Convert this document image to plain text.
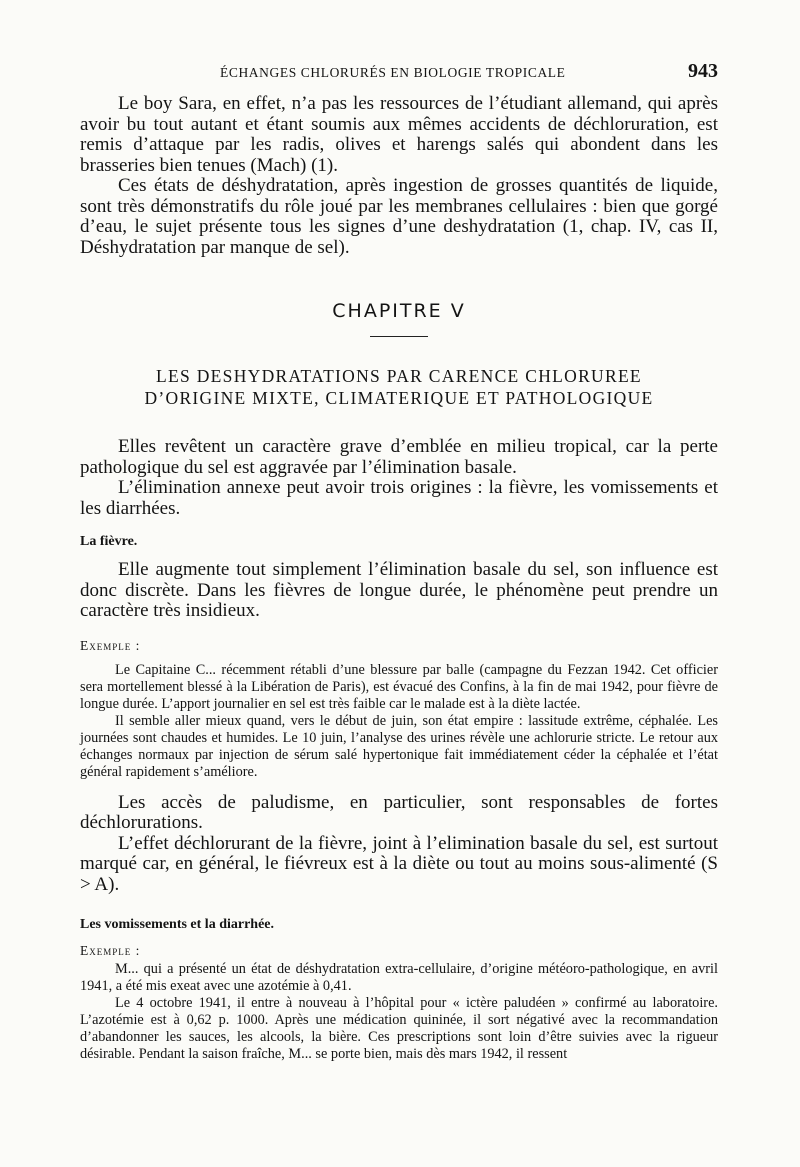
ÉCHANGES CHLORURÉS EN BIOLOGIE TROPICALE	943

Le boy Sara, en effet, n’a pas les ressources de l’étudiant allemand, qui après avoir bu tout autant et étant soumis aux mêmes accidents de déchloruration, est remis d’attaque par les radis, olives et harengs salés qui abondent dans les brasseries bien tenues (Mach) (1).

Ces états de déshydratation, après ingestion de grosses quantités de liquide, sont très démonstratifs du rôle joué par les membranes cellulaires : bien que gorgé d’eau, le sujet présente tous les signes d’une deshydratation (1, chap. IV, cas II, Déshydratation par manque de sel).

CHAPITRE V
LES DESHYDRATATIONS PAR CARENCE CHLORUREE
D’ORIGINE MIXTE, CLIMATERIQUE ET PATHOLOGIQUE

Elles revêtent un caractère grave d’emblée en milieu tropical, car la perte pathologique du sel est aggravée par l’élimination basale.

L’élimination annexe peut avoir trois origines : la fièvre, les vomissements et les diarrhées.

La fièvre.

Elle augmente tout simplement l’élimination basale du sel, son influence est donc discrète. Dans les fièvres de longue durée, le phénomène peut prendre un caractère très insidieux.

Exemple :

Le Capitaine C... récemment rétabli d’une blessure par balle (campagne du Fezzan 1942. Cet officier sera mortellement blessé à la Libération de Paris), est évacué des Confins, à la fin de mai 1942, pour fièvre de longue durée. L’apport journalier en sel est très faible car le malade est à la diète lactée.

Il semble aller mieux quand, vers le début de juin, son état empire : lassitude extrême, céphalée. Les journées sont chaudes et humides. Le 10 juin, l’analyse des urines révèle une achlorurie stricte. Le retour aux échanges normaux par injection de sérum salé hypertonique fait immédiatement céder la céphalée et l’état général rapidement s’améliore.

Les accès de paludisme, en particulier, sont responsables de fortes déchlorurations.

L’effet déchlorurant de la fièvre, joint à l’elimination basale du sel, est surtout marqué car, en général, le fiévreux est à la diète ou tout au moins sous-alimenté (S > A).

Les vomissements et la diarrhée.
Exemple :

M... qui a présenté un état de déshydratation extra-cellulaire, d’origine météoro-pathologique, en avril 1941, a été mis exeat avec une azotémie à 0,41.

Le 4 octobre 1941, il entre à nouveau à l’hôpital pour « ictère paludéen » confirmé au laboratoire. L’azotémie est à 0,62 p. 1000. Après une médication quininée, il sort négativé avec la recommandation d’abandonner les sauces, les alcools, la bière. Ces prescriptions sont loin d’être suivies avec la rigueur désirable. Pendant la saison fraîche, M... se porte bien, mais dès mars 1942, il ressent
